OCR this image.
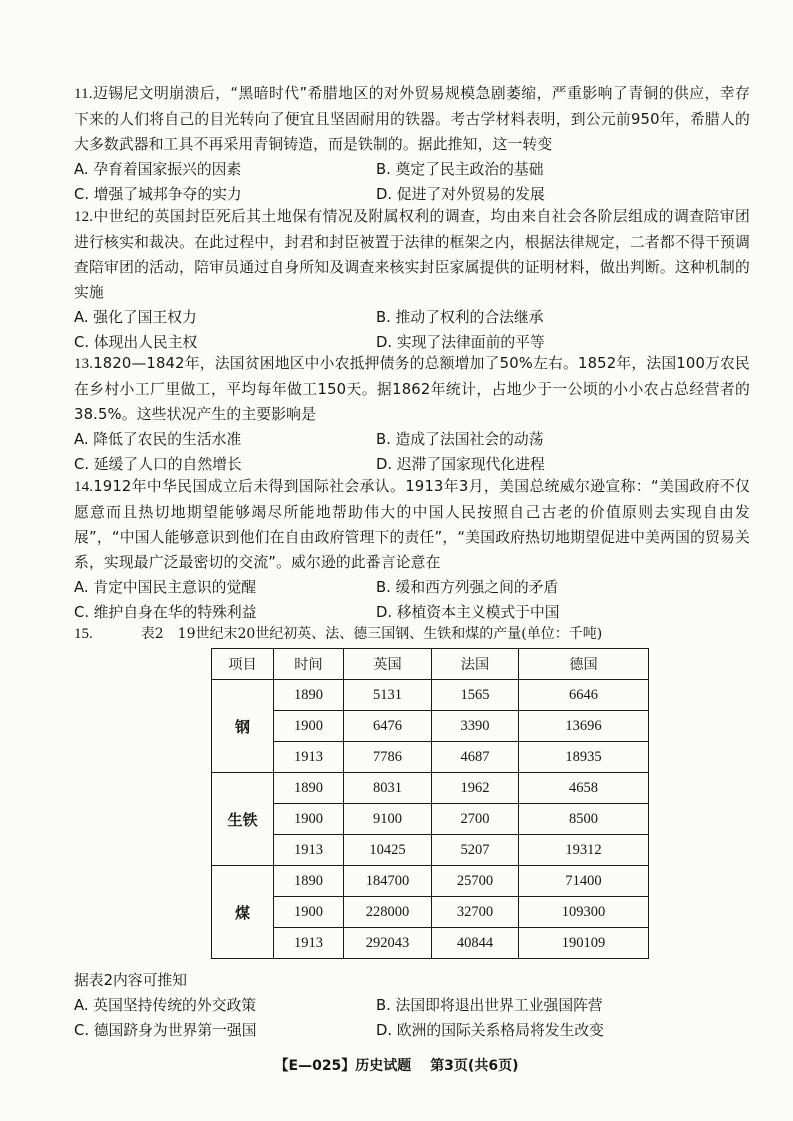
11.迈锡尼文明崩溃后，“黑暗时代”希腊地区的对外贸易规模急剧萎缩，严重影响了青铜的供应，幸存下来的人们将自己的目光转向了便宜且坚固耐用的铁器。考古学材料表明，到公元前950年，希腊人的大多数武器和工具不再采用青铜铸造，而是铁制的。据此推知，这一转变
A. 孕育着国家振兴的因素	B. 奠定了民主政治的基础
C. 增强了城邦争夺的实力	D. 促进了对外贸易的发展
12.中世纪的英国封臣死后其土地保有情况及附属权利的调查，均由来自社会各阶层组成的调查陪审团进行核实和裁决。在此过程中，封君和封臣被置于法律的框架之内，根据法律规定，二者都不得干预调查陪审团的活动，陪审员通过自身所知及调查来核实封臣家属提供的证明材料，做出判断。这种机制的实施
A. 强化了国王权力	B. 推动了权利的合法继承
C. 体现出人民主权	D. 实现了法律面前的平等
13.1820—1842年，法国贫困地区中小农抵押债务的总额增加了50%左右。1852年，法国100万农民在乡村小工厂里做工，平均每年做工150天。据1862年统计，占地少于一公顷的小小农占总经营者的38.5%。这些状况产生的主要影响是
A. 降低了农民的生活水准	B. 造成了法国社会的动荡
C. 延缓了人口的自然增长	D. 迟滞了国家现代化进程
14.1912年中华民国成立后未得到国际社会承认。1913年3月，美国总统威尔逊宣称：“美国政府不仅愿意而且热切地期望能够竭尽所能地帮助伟大的中国人民按照自己古老的价值原则去实现自由发展”，“中国人能够意识到他们在自由政府管理下的责任”，“美国政府热切地期望促进中美两国的贸易关系，实现最广泛最密切的交流”。威尔逊的此番言论意在
A. 肯定中国民主意识的觉醒	B. 缓和西方列强之间的矛盾
C. 维护自身在华的特殊利益	D. 移植资本主义模式于中国
15.	表2　19世纪末20世纪初英、法、德三国钢、生铁和煤的产量(单位：千吨)
项目	时间	英国	法国	德国
钢	1890	5131	1565	6646
	1900	6476	3390	13696
	1913	7786	4687	18935
生铁	1890	8031	1962	4658
	1900	9100	2700	8500
	1913	10425	5207	19312
煤	1890	184700	25700	71400
	1900	228000	32700	109300
	1913	292043	40844	190109
据表2内容可推知
A. 英国坚持传统的外交政策	B. 法国即将退出世界工业强国阵营
C. 德国跻身为世界第一强国	D. 欧洲的国际关系格局将发生改变
【E—025】历史试题 第3页(共6页)
